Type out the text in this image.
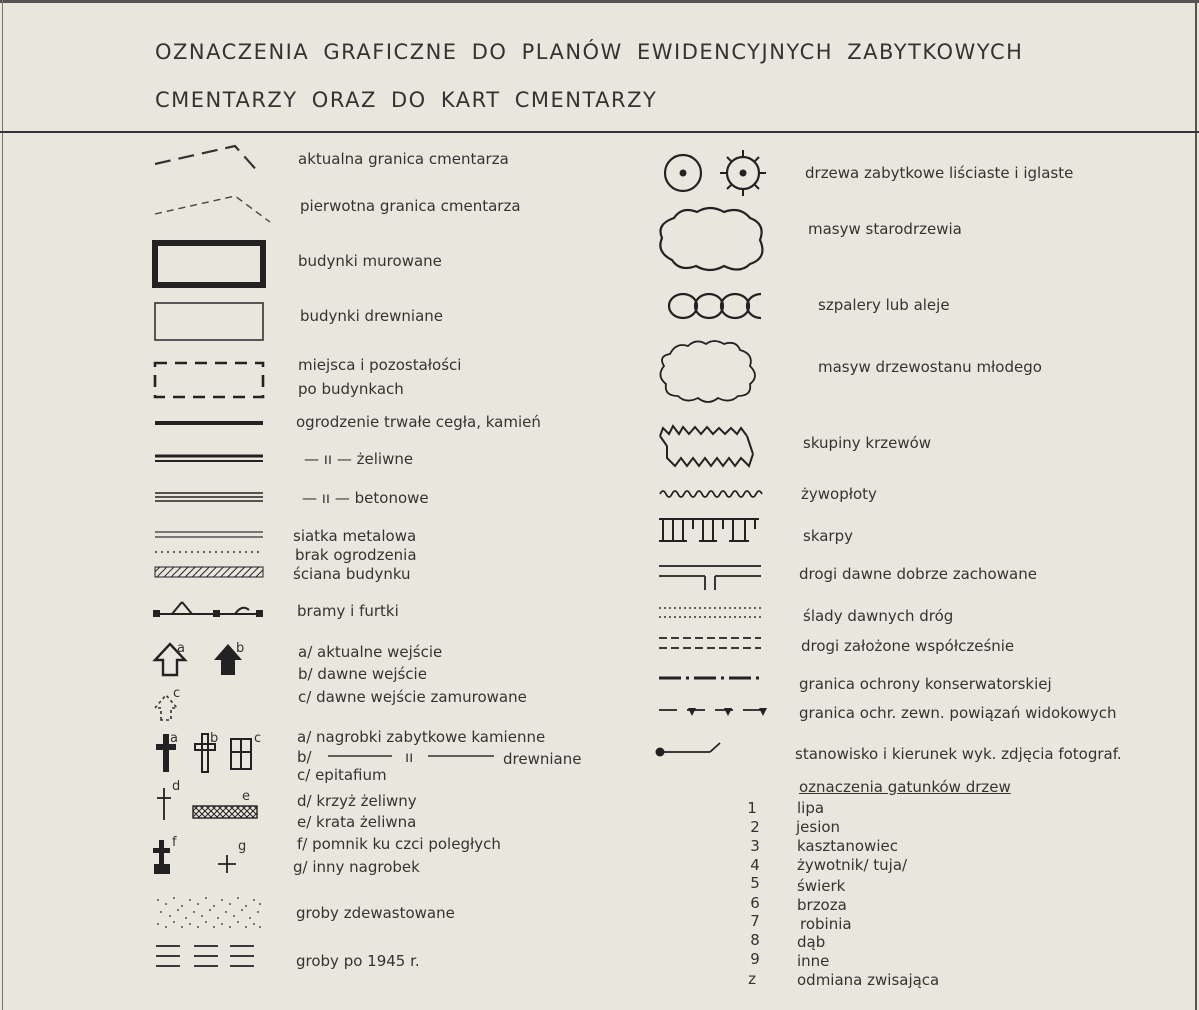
OZNACZENIA GRAFICZNE DO PLANÓW EWIDENCYJNYCH ZABYTKOWYCH
CMENTARZY ORAZ DO KART CMENTARZY
a	b
c
a b	c
d
e
f	g
aktualna granica cmentarza
pierwotna granica cmentarza
budynki murowane
budynki drewniane
miejsca i pozostałości
po budynkach
ogrodzenie trwałe cegła, kamień
— ıı — żeliwne
— ıı — betonowe
siatka metalowa
brak ogrodzenia
ściana budynku
bramy i furtki
a/ aktualne wejście
b/ dawne wejście
c/ dawne wejście zamurowane
a/ nagrobki zabytkowe kamienne
b/	ıı	drewniane
c/ epitafium
d/ krzyż żeliwny
e/ krata żeliwna
f/ pomnik ku czci poległych
g/ inny nagrobek
groby zdewastowane
groby po 1945 r.
drzewa zabytkowe liściaste i iglaste
masyw starodrzewia
szpalery lub aleje
masyw drzewostanu młodego
skupiny krzewów
żywopłoty
skarpy
drogi dawne dobrze zachowane
ślady dawnych dróg
drogi założone współcześnie
granica ochrony konserwatorskiej
granica ochr. zewn. powiązań widokowych
stanowisko i kierunek wyk. zdjęcia fotograf.
oznaczenia gatunków drzew
1	lipa
2	jesion
3	kasztanowiec
4	żywotnik/ tuja/
5	świerk
6	brzoza
7	robinia
8	dąb
9	inne
z	odmiana zwisająca
